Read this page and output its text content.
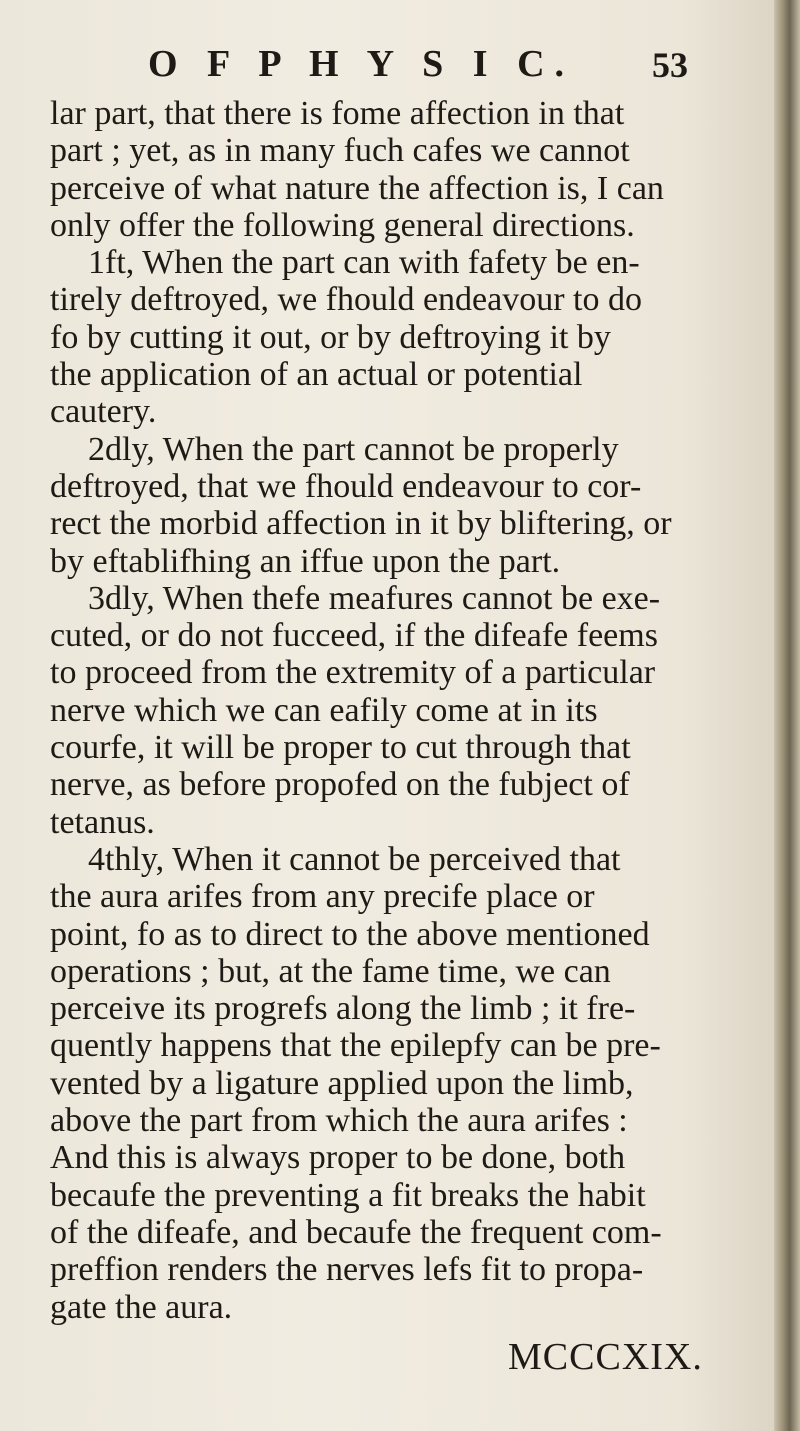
O F P H Y S I C. 53
lar part, that there is fome affection in that
part ; yet, as in many fuch cafes we cannot
perceive of what nature the affection is, I can
only offer the following general directions.
1ft, When the part can with fafety be en-
tirely deftroyed, we fhould endeavour to do
fo by cutting it out, or by deftroying it by
the application of an actual or potential
cautery.
2dly, When the part cannot be properly
deftroyed, that we fhould endeavour to cor-
rect the morbid affection in it by bliftering, or
by eftablifhing an iffue upon the part.
3dly, When thefe meafures cannot be exe-
cuted, or do not fucceed, if the difeafe feems
to proceed from the extremity of a particular
nerve which we can eafily come at in its
courfe, it will be proper to cut through that
nerve, as before propofed on the fubject of
tetanus.
4thly, When it cannot be perceived that
the aura arifes from any precife place or
point, fo as to direct to the above mentioned
operations ; but, at the fame time, we can
perceive its progrefs along the limb ; it fre-
quently happens that the epilepfy can be pre-
vented by a ligature applied upon the limb,
above the part from which the aura arifes :
And this is always proper to be done, both
becaufe the preventing a fit breaks the habit
of the difeafe, and becaufe the frequent com-
preffion renders the nerves lefs fit to propa-
gate the aura.
MCCCXIX.
